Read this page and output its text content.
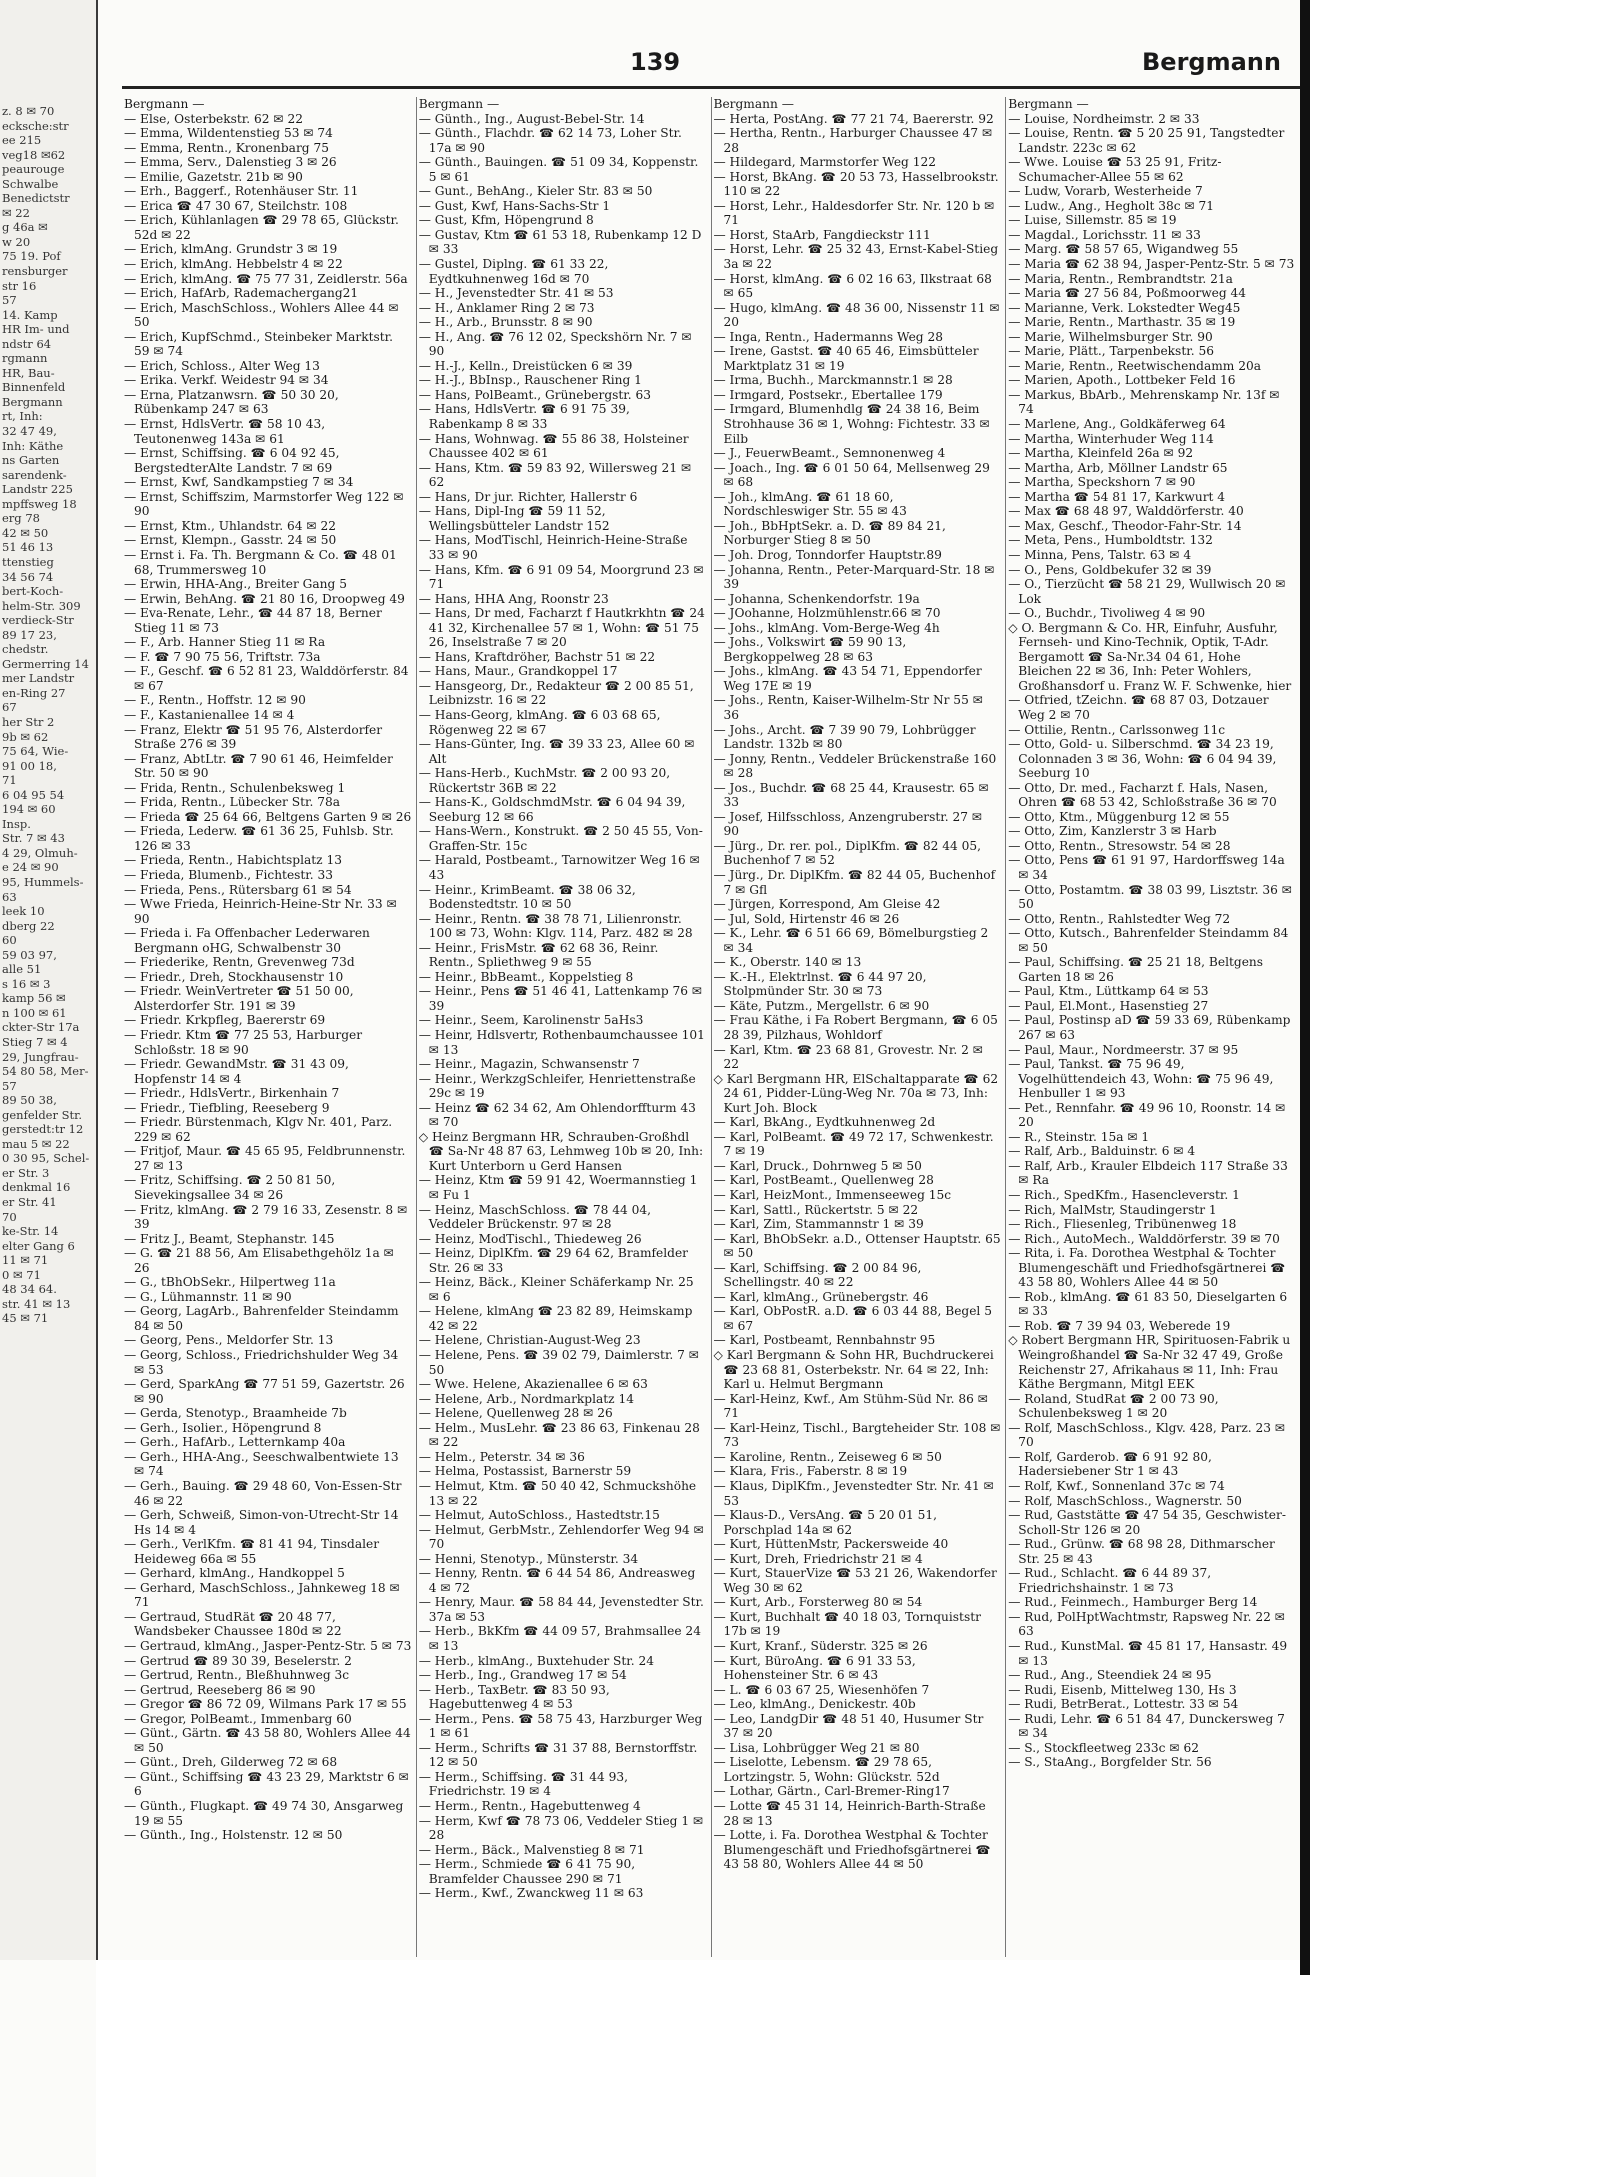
z. 8 ✉ 70
ecksche:str
ee 215
veg18 ✉62
peaurouge
Schwalbe
Benedictstr
✉ 22
g 46a ✉
w 20
75 19. Pof
rensburger
str 16
57
14. Kamp
HR Im- und
ndstr 64
rgmann
HR, Bau-
Binnenfeld
Bergmann
rt, Inh:
32 47 49,
Inh: Käthe
ns Garten
sarendenk-
Landstr 225
mpffsweg 18
erg 78
42 ✉ 50
51 46 13
ttenstieg
34 56 74
bert-Koch-
helm-Str. 309
verdieck-Str
89 17 23,
chedstr.
Germerring 14
mer Landstr
en-Ring 27
67
her Str 2
9b ✉ 62
75 64, Wie-
91 00 18,
71
6 04 95 54
194 ✉ 60
Insp.
Str. 7 ✉ 43
4 29, Olmuh-
e 24 ✉ 90
95, Hummels-
63
leek 10
dberg 22
60
59 03 97,
alle 51
s 16 ✉ 3
kamp 56 ✉
n 100 ✉ 61
ckter-Str 17a
Stieg 7 ✉ 4
29, Jungfrau-
54 80 58, Mer-
57
89 50 38,
genfelder Str.
gerstedt:tr 12
mau 5 ✉ 22
0 30 95, Schel-
er Str. 3
denkmal 16
er Str. 41
70
ke-Str. 14
elter Gang 6
11 ✉ 71
0 ✉ 71
48 34 64.
str. 41 ✉ 13
45 ✉ 71
139	Bergmann
Bergmann —

— Else, Osterbekstr. 62 ✉ 22

— Emma, Wildentenstieg 53 ✉ 74

— Emma, Rentn., Kronenbarg 75

— Emma, Serv., Dalenstieg 3 ✉ 26

— Emilie, Gazetstr. 21b ✉ 90

— Erh., Baggerf., Rotenhäuser Str. 11

— Erica ☎ 47 30 67, Steilchstr. 108

— Erich, Kühlanlagen ☎ 29 78 65, Glückstr. 52d ✉ 22

— Erich, klmAng. Grundstr 3 ✉ 19

— Erich, klmAng. Hebbelstr 4 ✉ 22

— Erich, klmAng. ☎ 75 77 31, Zeidlerstr. 56a

— Erich, HafArb, Rademachergang21

— Erich, MaschSchloss., Wohlers Allee 44 ✉ 50

— Erich, KupfSchmd., Steinbeker Marktstr. 59 ✉ 74

— Erich, Schloss., Alter Weg 13

— Erika. Verkf. Weidestr 94 ✉ 34

— Erna, Platzanwsrn. ☎ 50 30 20, Rübenkamp 247 ✉ 63

— Ernst, HdlsVertr. ☎ 58 10 43, Teutonenweg 143a ✉ 61

— Ernst, Schiffsing. ☎ 6 04 92 45, BergstedterAlte Landstr. 7 ✉ 69

— Ernst, Kwf, Sandkampstieg 7 ✉ 34

— Ernst, Schiffszim, Marmstorfer Weg 122 ✉ 90

— Ernst, Ktm., Uhlandstr. 64 ✉ 22

— Ernst, Klempn., Gasstr. 24 ✉ 50

— Ernst i. Fa. Th. Bergmann & Co. ☎ 48 01 68, Trummersweg 10

— Erwin, HHA-Ang., Breiter Gang 5

— Erwin, BehAng. ☎ 21 80 16, Droopweg 49

— Eva-Renate, Lehr., ☎ 44 87 18, Berner Stieg 11 ✉ 73

— F., Arb. Hanner Stieg 11 ✉ Ra

— F. ☎ 7 90 75 56, Triftstr. 73a

— F., Geschf. ☎ 6 52 81 23, Walddörferstr. 84 ✉ 67

— F., Rentn., Hoffstr. 12 ✉ 90

— F., Kastanienallee 14 ✉ 4

— Franz, Elektr ☎ 51 95 76, Alsterdorfer Straße 276 ✉ 39

— Franz, AbtLtr. ☎ 7 90 61 46, Heimfelder Str. 50 ✉ 90

— Frida, Rentn., Schulenbeksweg 1

— Frida, Rentn., Lübecker Str. 78a

— Frieda ☎ 25 64 66, Beltgens Garten 9 ✉ 26

— Frieda, Lederw. ☎ 61 36 25, Fuhlsb. Str. 126 ✉ 33

— Frieda, Rentn., Habichtsplatz 13

— Frieda, Blumenb., Fichtestr. 33

— Frieda, Pens., Rütersbarg 61 ✉ 54

— Wwe Frieda, Heinrich-Heine-Str Nr. 33 ✉ 90

— Frieda i. Fa Offenbacher Lederwaren Bergmann oHG, Schwalbenstr 30

— Friederike, Rentn, Grevenweg 73d

— Friedr., Dreh, Stockhausenstr 10

— Friedr. WeinVertreter ☎ 51 50 00, Alsterdorfer Str. 191 ✉ 39

— Friedr. Krkpfleg, Baererstr 69

— Friedr. Ktm ☎ 77 25 53, Harburger Schloßstr. 18 ✉ 90

— Friedr. GewandMstr. ☎ 31 43 09, Hopfenstr 14 ✉ 4

— Friedr., HdlsVertr., Birkenhain 7

— Friedr., Tiefbling, Reeseberg 9

— Friedr. Bürstenmach, Klgv Nr. 401, Parz. 229 ✉ 62

— Fritjof, Maur. ☎ 45 65 95, Feldbrunnenstr. 27 ✉ 13

— Fritz, Schiffsing. ☎ 2 50 81 50, Sievekingsallee 34 ✉ 26

— Fritz, klmAng. ☎ 2 79 16 33, Zesenstr. 8 ✉ 39

— Fritz J., Beamt, Stephanstr. 145

— G. ☎ 21 88 56, Am Elisabethgehölz 1a ✉ 26

— G., tBhObSekr., Hilpertweg 11a

— G., Lühmannstr. 11 ✉ 90

— Georg, LagArb., Bahrenfelder Steindamm 84 ✉ 50

— Georg, Pens., Meldorfer Str. 13

— Georg, Schloss., Friedrichshulder Weg 34 ✉ 53

— Gerd, SparkAng ☎ 77 51 59, Gazertstr. 26 ✉ 90

— Gerda, Stenotyp., Braamheide 7b

— Gerh., Isolier., Höpengrund 8

— Gerh., HafArb., Letternkamp 40a

— Gerh., HHA-Ang., Seeschwalbentwiete 13 ✉ 74

— Gerh., Bauing. ☎ 29 48 60, Von-Essen-Str 46 ✉ 22

— Gerh, Schweiß, Simon-von-Utrecht-Str 14 Hs 14 ✉ 4

— Gerh., VerlKfm. ☎ 81 41 94, Tinsdaler Heideweg 66a ✉ 55

— Gerhard, klmAng., Handkoppel 5

— Gerhard, MaschSchloss., Jahnkeweg 18 ✉ 71

— Gertraud, StudRät ☎ 20 48 77, Wandsbeker Chaussee 180d ✉ 22

— Gertraud, klmAng., Jasper-Pentz-Str. 5 ✉ 73

— Gertrud ☎ 89 30 39, Beselerstr. 2

— Gertrud, Rentn., Bleßhuhnweg 3c

— Gertrud, Reeseberg 86 ✉ 90

— Gregor ☎ 86 72 09, Wilmans Park 17 ✉ 55

— Gregor, PolBeamt., Immenbarg 60

— Günt., Gärtn. ☎ 43 58 80, Wohlers Allee 44 ✉ 50

— Günt., Dreh, Gilderweg 72 ✉ 68

— Günt., Schiffsing ☎ 43 23 29, Marktstr 6 ✉ 6

— Günth., Flugkapt. ☎ 49 74 30, Ansgarweg 19 ✉ 55

— Günth., Ing., Holstenstr. 12 ✉ 50

Bergmann —

— Günth., Ing., August-Bebel-Str. 14

— Günth., Flachdr. ☎ 62 14 73, Loher Str. 17a ✉ 90

— Günth., Bauingen. ☎ 51 09 34, Koppenstr. 5 ✉ 61

— Gunt., BehAng., Kieler Str. 83 ✉ 50

— Gust, Kwf, Hans-Sachs-Str 1

— Gust, Kfm, Höpengrund 8

— Gustav, Ktm ☎ 61 53 18, Rubenkamp 12 D ✉ 33

— Gustel, Diplng. ☎ 61 33 22, Eydtkuhnenweg 16d ✉ 70

— H., Jevenstedter Str. 41 ✉ 53

— H., Anklamer Ring 2 ✉ 73

— H., Arb., Brunsstr. 8 ✉ 90

— H., Ang. ☎ 76 12 02, Speckshörn Nr. 7 ✉ 90

— H.-J., Kelln., Dreistücken 6 ✉ 39

— H.-J., BbInsp., Rauschener Ring 1

— Hans, PolBeamt., Grünebergstr. 63

— Hans, HdlsVertr. ☎ 6 91 75 39, Rabenkamp 8 ✉ 33

— Hans, Wohnwag. ☎ 55 86 38, Holsteiner Chaussee 402 ✉ 61

— Hans, Ktm. ☎ 59 83 92, Willersweg 21 ✉ 62

— Hans, Dr jur. Richter, Hallerstr 6

— Hans, Dipl-Ing ☎ 59 11 52, Wellingsbütteler Landstr 152

— Hans, ModTischl, Heinrich-Heine-Straße 33 ✉ 90

— Hans, Kfm. ☎ 6 91 09 54, Moorgrund 23 ✉ 71

— Hans, HHA Ang, Roonstr 23

— Hans, Dr med, Facharzt f Hautkrkhtn ☎ 24 41 32, Kirchenallee 57 ✉ 1, Wohn: ☎ 51 75 26, Inselstraße 7 ✉ 20

— Hans, Kraftdröher, Bachstr 51 ✉ 22

— Hans, Maur., Grandkoppel 17

— Hansgeorg, Dr., Redakteur ☎ 2 00 85 51, Leibnizstr. 16 ✉ 22

— Hans-Georg, klmAng. ☎ 6 03 68 65, Rögenweg 22 ✉ 67

— Hans-Günter, Ing. ☎ 39 33 23, Allee 60 ✉ Alt

— Hans-Herb., KuchMstr. ☎ 2 00 93 20, Rückertstr 36B ✉ 22

— Hans-K., GoldschmdMstr. ☎ 6 04 94 39, Seeburg 12 ✉ 66

— Hans-Wern., Konstrukt. ☎ 2 50 45 55, Von-Graffen-Str. 15c

— Harald, Postbeamt., Tarnowitzer Weg 16 ✉ 43

— Heinr., KrimBeamt. ☎ 38 06 32, Bodenstedtstr. 10 ✉ 50

— Heinr., Rentn. ☎ 38 78 71, Lilienronstr. 100 ✉ 73, Wohn: Klgv. 114, Parz. 482 ✉ 28

— Heinr., FrisMstr. ☎ 62 68 36, Reinr. Rentn., Spliethweg 9 ✉ 55

— Heinr., BbBeamt., Koppelstieg 8

— Heinr., Pens ☎ 51 46 41, Lattenkamp 76 ✉ 39

— Heinr., Seem, Karolinenstr 5aHs3

— Heinr, Hdlsvertr, Rothenbaumchaussee 101 ✉ 13

— Heinr., Magazin, Schwansenstr 7

— Heinr., WerkzgSchleifer, Henriettenstraße 29c ✉ 19

— Heinz ☎ 62 34 62, Am Ohlendorffturm 43 ✉ 70

◇ Heinz Bergmann HR, Schrauben-Großhdl ☎ Sa-Nr 48 87 63, Lehmweg 10b ✉ 20, Inh: Kurt Unterborn u Gerd Hansen

— Heinz, Ktm ☎ 59 91 42, Woermannstieg 1 ✉ Fu 1

— Heinz, MaschSchloss. ☎ 78 44 04, Veddeler Brückenstr. 97 ✉ 28

— Heinz, ModTischl., Thiedeweg 26

— Heinz, DiplKfm. ☎ 29 64 62, Bramfelder Str. 26 ✉ 33

— Heinz, Bäck., Kleiner Schäferkamp Nr. 25 ✉ 6

— Helene, klmAng ☎ 23 82 89, Heimskamp 42 ✉ 22

— Helene, Christian-August-Weg 23

— Helene, Pens. ☎ 39 02 79, Daimlerstr. 7 ✉ 50

— Wwe. Helene, Akazienallee 6 ✉ 63

— Helene, Arb., Nordmarkplatz 14

— Helene, Quellenweg 28 ✉ 26

— Helm., MusLehr. ☎ 23 86 63, Finkenau 28 ✉ 22

— Helm., Peterstr. 34 ✉ 36

— Helma, Postassist, Barnerstr 59

— Helmut, Ktm. ☎ 50 40 42, Schmuckshöhe 13 ✉ 22

— Helmut, AutoSchloss., Hastedtstr.15

— Helmut, GerbMstr., Zehlendorfer Weg 94 ✉ 70

— Henni, Stenotyp., Münsterstr. 34

— Henny, Rentn. ☎ 6 44 54 86, Andreasweg 4 ✉ 72

— Henry, Maur. ☎ 58 84 44, Jevenstedter Str. 37a ✉ 53

— Herb., BkKfm ☎ 44 09 57, Brahmsallee 24 ✉ 13

— Herb., klmAng., Buxtehuder Str. 24

— Herb., Ing., Grandweg 17 ✉ 54

— Herb., TaxBetr. ☎ 83 50 93, Hagebuttenweg 4 ✉ 53

— Herm., Pens. ☎ 58 75 43, Harzburger Weg 1 ✉ 61

— Herm., Schrifts ☎ 31 37 88, Bernstorffstr. 12 ✉ 50

— Herm., Schiffsing. ☎ 31 44 93, Friedrichstr. 19 ✉ 4

— Herm., Rentn., Hagebuttenweg 4

— Herm, Kwf ☎ 78 73 06, Veddeler Stieg 1 ✉ 28

— Herm., Bäck., Malvenstieg 8 ✉ 71

— Herm., Schmiede ☎ 6 41 75 90, Bramfelder Chaussee 290 ✉ 71

— Herm., Kwf., Zwanckweg 11 ✉ 63

Bergmann —

— Herta, PostAng. ☎ 77 21 74, Baererstr. 92

— Hertha, Rentn., Harburger Chaussee 47 ✉ 28

— Hildegard, Marmstorfer Weg 122

— Horst, BkAng. ☎ 20 53 73, Hasselbrookstr. 110 ✉ 22

— Horst, Lehr., Haldesdorfer Str. Nr. 120 b ✉ 71

— Horst, StaArb, Fangdieckstr 111

— Horst, Lehr. ☎ 25 32 43, Ernst-Kabel-Stieg 3a ✉ 22

— Horst, klmAng. ☎ 6 02 16 63, Ilkstraat 68 ✉ 65

— Hugo, klmAng. ☎ 48 36 00, Nissenstr 11 ✉ 20

— Inga, Rentn., Hadermanns Weg 28

— Irene, Gastst. ☎ 40 65 46, Eimsbütteler Marktplatz 31 ✉ 19

— Irma, Buchh., Marckmannstr.1 ✉ 28

— Irmgard, Postsekr., Ebertallee 179

— Irmgard, Blumenhdlg ☎ 24 38 16, Beim Strohhause 36 ✉ 1, Wohng: Fichtestr. 33 ✉ Eilb

— J., FeuerwBeamt., Semnonenweg 4

— Joach., Ing. ☎ 6 01 50 64, Mellsenweg 29 ✉ 68

— Joh., klmAng. ☎ 61 18 60, Nordschleswiger Str. 55 ✉ 43

— Joh., BbHptSekr. a. D. ☎ 89 84 21, Norburger Stieg 8 ✉ 50

— Joh. Drog, Tonndorfer Hauptstr.89

— Johanna, Rentn., Peter-Marquard-Str. 18 ✉ 39

— Johanna, Schenkendorfstr. 19a

— JOohanne, Holzmühlenstr.66 ✉ 70

— Johs., klmAng. Vom-Berge-Weg 4h

— Johs., Volkswirt ☎ 59 90 13, Bergkoppelweg 28 ✉ 63

— Johs., klmAng. ☎ 43 54 71, Eppendorfer Weg 17E ✉ 19

— Johs., Rentn, Kaiser-Wilhelm-Str Nr 55 ✉ 36

— Johs., Archt. ☎ 7 39 90 79, Lohbrügger Landstr. 132b ✉ 80

— Jonny, Rentn., Veddeler Brückenstraße 160 ✉ 28

— Jos., Buchdr. ☎ 68 25 44, Krausestr. 65 ✉ 33

— Josef, Hilfsschloss, Anzengruberstr. 27 ✉ 90

— Jürg., Dr. rer. pol., DiplKfm. ☎ 82 44 05, Buchenhof 7 ✉ 52

— Jürg., Dr. DiplKfm. ☎ 82 44 05, Buchenhof 7 ✉ Gfl

— Jürgen, Korrespond, Am Gleise 42

— Jul, Sold, Hirtenstr 46 ✉ 26

— K., Lehr. ☎ 6 51 66 69, Bömelburgstieg 2 ✉ 34

— K., Oberstr. 140 ✉ 13

— K.-H., Elektrlnst. ☎ 6 44 97 20, Stolpmünder Str. 30 ✉ 73

— Käte, Putzm., Mergellstr. 6 ✉ 90

— Frau Käthe, i Fa Robert Bergmann, ☎ 6 05 28 39, Pilzhaus, Wohldorf

— Karl, Ktm. ☎ 23 68 81, Grovestr. Nr. 2 ✉ 22

◇ Karl Bergmann HR, ElSchaltapparate ☎ 62 24 61, Pidder-Lüng-Weg Nr. 70a ✉ 73, Inh: Kurt Joh. Block

— Karl, BkAng., Eydtkuhnenweg 2d

— Karl, PolBeamt. ☎ 49 72 17, Schwenkestr. 7 ✉ 19

— Karl, Druck., Dohrnweg 5 ✉ 50

— Karl, PostBeamt., Quellenweg 28

— Karl, HeizMont., Immenseeweg 15c

— Karl, Sattl., Rückertstr. 5 ✉ 22

— Karl, Zim, Stammannstr 1 ✉ 39

— Karl, BhObSekr. a.D., Ottenser Hauptstr. 65 ✉ 50

— Karl, Schiffsing. ☎ 2 00 84 96, Schellingstr. 40 ✉ 22

— Karl, klmAng., Grünebergstr. 46

— Karl, ObPostR. a.D. ☎ 6 03 44 88, Begel 5 ✉ 67

— Karl, Postbeamt, Rennbahnstr 95

◇ Karl Bergmann & Sohn HR, Buchdruckerei ☎ 23 68 81, Osterbekstr. Nr. 64 ✉ 22, Inh: Karl u. Helmut Bergmann

— Karl-Heinz, Kwf., Am Stühm-Süd Nr. 86 ✉ 71

— Karl-Heinz, Tischl., Bargteheider Str. 108 ✉ 73

— Karoline, Rentn., Zeiseweg 6 ✉ 50

— Klara, Fris., Faberstr. 8 ✉ 19

— Klaus, DiplKfm., Jevenstedter Str. Nr. 41 ✉ 53

— Klaus-D., VersAng. ☎ 5 20 01 51, Porschplad 14a ✉ 62

— Kurt, HüttenMstr, Packersweide 40

— Kurt, Dreh, Friedrichstr 21 ✉ 4

— Kurt, StauerVize ☎ 53 21 26, Wakendorfer Weg 30 ✉ 62

— Kurt, Arb., Forsterweg 80 ✉ 54

— Kurt, Buchhalt ☎ 40 18 03, Tornquiststr 17b ✉ 19

— Kurt, Kranf., Süderstr. 325 ✉ 26

— Kurt, BüroAng. ☎ 6 91 33 53, Hohensteiner Str. 6 ✉ 43

— L. ☎ 6 03 67 25, Wiesenhöfen 7

— Leo, klmAng., Denickestr. 40b

— Leo, LandgDir ☎ 48 51 40, Husumer Str 37 ✉ 20

— Lisa, Lohbrügger Weg 21 ✉ 80

— Liselotte, Lebensm. ☎ 29 78 65, Lortzingstr. 5, Wohn: Glückstr. 52d

— Lothar, Gärtn., Carl-Bremer-Ring17

— Lotte ☎ 45 31 14, Heinrich-Barth-Straße 28 ✉ 13

— Lotte, i. Fa. Dorothea Westphal & Tochter Blumengeschäft und Friedhofsgärtnerei ☎ 43 58 80, Wohlers Allee 44 ✉ 50

Bergmann —

— Louise, Nordheimstr. 2 ✉ 33

— Louise, Rentn. ☎ 5 20 25 91, Tangstedter Landstr. 223c ✉ 62

— Wwe. Louise ☎ 53 25 91, Fritz-Schumacher-Allee 55 ✉ 62

— Ludw, Vorarb, Westerheide 7

— Ludw., Ang., Hegholt 38c ✉ 71

— Luise, Sillemstr. 85 ✉ 19

— Magdal., Lorichsstr. 11 ✉ 33

— Marg. ☎ 58 57 65, Wigandweg 55

— Maria ☎ 62 38 94, Jasper-Pentz-Str. 5 ✉ 73

— Maria, Rentn., Rembrandtstr. 21a

— Maria ☎ 27 56 84, Poßmoorweg 44

— Marianne, Verk. Lokstedter Weg45

— Marie, Rentn., Marthastr. 35 ✉ 19

— Marie, Wilhelmsburger Str. 90

— Marie, Plätt., Tarpenbekstr. 56

— Marie, Rentn., Reetwischendamm 20a

— Marien, Apoth., Lottbeker Feld 16

— Markus, BbArb., Mehrenskamp Nr. 13f ✉ 74

— Marlene, Ang., Goldkäferweg 64

— Martha, Winterhuder Weg 114

— Martha, Kleinfeld 26a ✉ 92

— Martha, Arb, Möllner Landstr 65

— Martha, Speckshorn 7 ✉ 90

— Martha ☎ 54 81 17, Karkwurt 4

— Max ☎ 68 48 97, Walddörferstr. 40

— Max, Geschf., Theodor-Fahr-Str. 14

— Meta, Pens., Humboldtstr. 132

— Minna, Pens, Talstr. 63 ✉ 4

— O., Pens, Goldbekufer 32 ✉ 39

— O., Tierzücht ☎ 58 21 29, Wullwisch 20 ✉ Lok

— O., Buchdr., Tivoliweg 4 ✉ 90

◇ O. Bergmann & Co. HR, Einfuhr, Ausfuhr, Fernseh- und Kino-Technik, Optik, T-Adr. Bergamott ☎ Sa-Nr.34 04 61, Hohe Bleichen 22 ✉ 36, Inh: Peter Wohlers, Großhansdorf u. Franz W. F. Schwenke, hier

— Otfried, tZeichn. ☎ 68 87 03, Dotzauer Weg 2 ✉ 70

— Ottilie, Rentn., Carlssonweg 11c

— Otto, Gold- u. Silberschmd. ☎ 34 23 19, Colonnaden 3 ✉ 36, Wohn: ☎ 6 04 94 39, Seeburg 10

— Otto, Dr. med., Facharzt f. Hals, Nasen, Ohren ☎ 68 53 42, Schloßstraße 36 ✉ 70

— Otto, Ktm., Müggenburg 12 ✉ 55

— Otto, Zim, Kanzlerstr 3 ✉ Harb

— Otto, Rentn., Stresowstr. 54 ✉ 28

— Otto, Pens ☎ 61 91 97, Hardorffsweg 14a ✉ 34

— Otto, Postamtm. ☎ 38 03 99, Lisztstr. 36 ✉ 50

— Otto, Rentn., Rahlstedter Weg 72

— Otto, Kutsch., Bahrenfelder Steindamm 84 ✉ 50

— Paul, Schiffsing. ☎ 25 21 18, Beltgens Garten 18 ✉ 26

— Paul, Ktm., Lüttkamp 64 ✉ 53

— Paul, El.Mont., Hasenstieg 27

— Paul, Postinsp aD ☎ 59 33 69, Rübenkamp 267 ✉ 63

— Paul, Maur., Nordmeerstr. 37 ✉ 95

— Paul, Tankst. ☎ 75 96 49, Vogelhüttendeich 43, Wohn: ☎ 75 96 49, Henbuller 1 ✉ 93

— Pet., Rennfahr. ☎ 49 96 10, Roonstr. 14 ✉ 20

— R., Steinstr. 15a ✉ 1

— Ralf, Arb., Balduinstr. 6 ✉ 4

— Ralf, Arb., Krauler Elbdeich 117 Straße 33 ✉ Ra

— Rich., SpedKfm., Hasencleverstr. 1

— Rich, MalMstr, Staudingerstr 1

— Rich., Fliesenleg, Tribünenweg 18

— Rich., AutoMech., Walddörferstr. 39 ✉ 70

— Rita, i. Fa. Dorothea Westphal & Tochter Blumengeschäft und Friedhofsgärtnerei ☎ 43 58 80, Wohlers Allee 44 ✉ 50

— Rob., klmAng. ☎ 61 83 50, Dieselgarten 6 ✉ 33

— Rob. ☎ 7 39 94 03, Weberede 19

◇ Robert Bergmann HR, Spirituosen-Fabrik u Weingroßhandel ☎ Sa-Nr 32 47 49, Große Reichenstr 27, Afrikahaus ✉ 11, Inh: Frau Käthe Bergmann, Mitgl EEK

— Roland, StudRat ☎ 2 00 73 90, Schulenbeksweg 1 ✉ 20

— Rolf, MaschSchloss., Klgv. 428, Parz. 23 ✉ 70

— Rolf, Garderob. ☎ 6 91 92 80, Hadersiebener Str 1 ✉ 43

— Rolf, Kwf., Sonnenland 37c ✉ 74

— Rolf, MaschSchloss., Wagnerstr. 50

— Rud, Gaststätte ☎ 47 54 35, Geschwister-Scholl-Str 126 ✉ 20

— Rud., Grünw. ☎ 68 98 28, Dithmarscher Str. 25 ✉ 43

— Rud., Schlacht. ☎ 6 44 89 37, Friedrichshainstr. 1 ✉ 73

— Rud., Feinmech., Hamburger Berg 14

— Rud, PolHptWachtmstr, Rapsweg Nr. 22 ✉ 63

— Rud., KunstMal. ☎ 45 81 17, Hansastr. 49 ✉ 13

— Rud., Ang., Steendiek 24 ✉ 95

— Rudi, Eisenb, Mittelweg 130, Hs 3

— Rudi, BetrBerat., Lottestr. 33 ✉ 54

— Rudi, Lehr. ☎ 6 51 84 47, Dunckersweg 7 ✉ 34

— S., Stockfleetweg 233c ✉ 62

— S., StaAng., Borgfelder Str. 56
